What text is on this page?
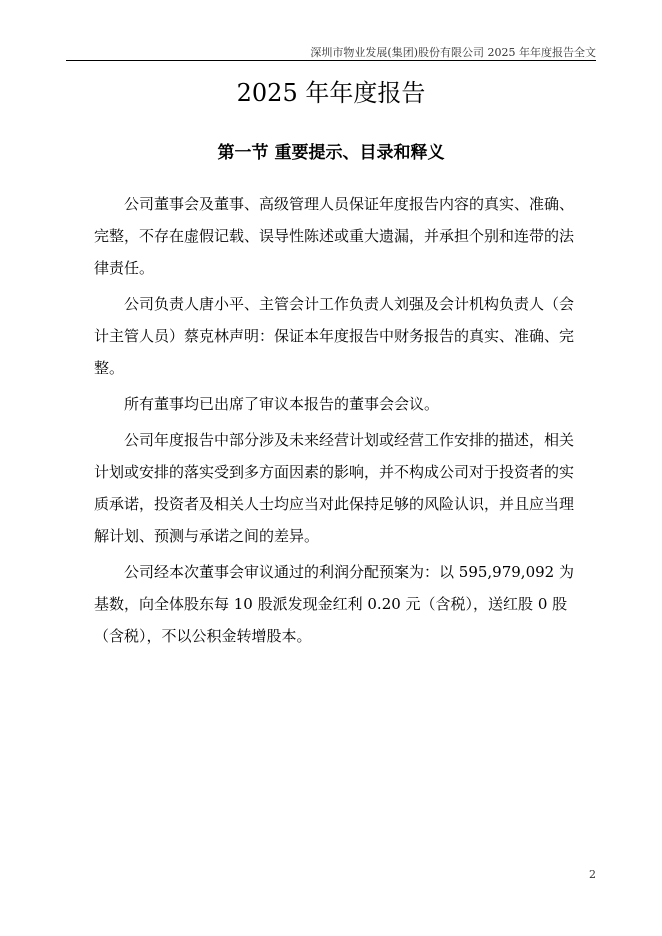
深圳市物业发展(集团)股份有限公司 2025 年年度报告全文
2025 年年度报告
第一节 重要提示、目录和释义

公司董事会及董事、高级管理人员保证年度报告内容的真实、准确、完整，不存在虚假记载、误导性陈述或重大遗漏，并承担个别和连带的法律责任。

公司负责人唐小平、主管会计工作负责人刘强及会计机构负责人（会计主管人员）蔡克林声明：保证本年度报告中财务报告的真实、准确、完整。

所有董事均已出席了审议本报告的董事会会议。

公司年度报告中部分涉及未来经营计划或经营工作安排的描述，相关计划或安排的落实受到多方面因素的影响，并不构成公司对于投资者的实质承诺，投资者及相关人士均应当对此保持足够的风险认识，并且应当理解计划、预测与承诺之间的差异。

公司经本次董事会审议通过的利润分配预案为：以 595,979,092 为基数，向全体股东每 10 股派发现金红利 0.20 元（含税），送红股 0 股（含税），不以公积金转增股本。

2
